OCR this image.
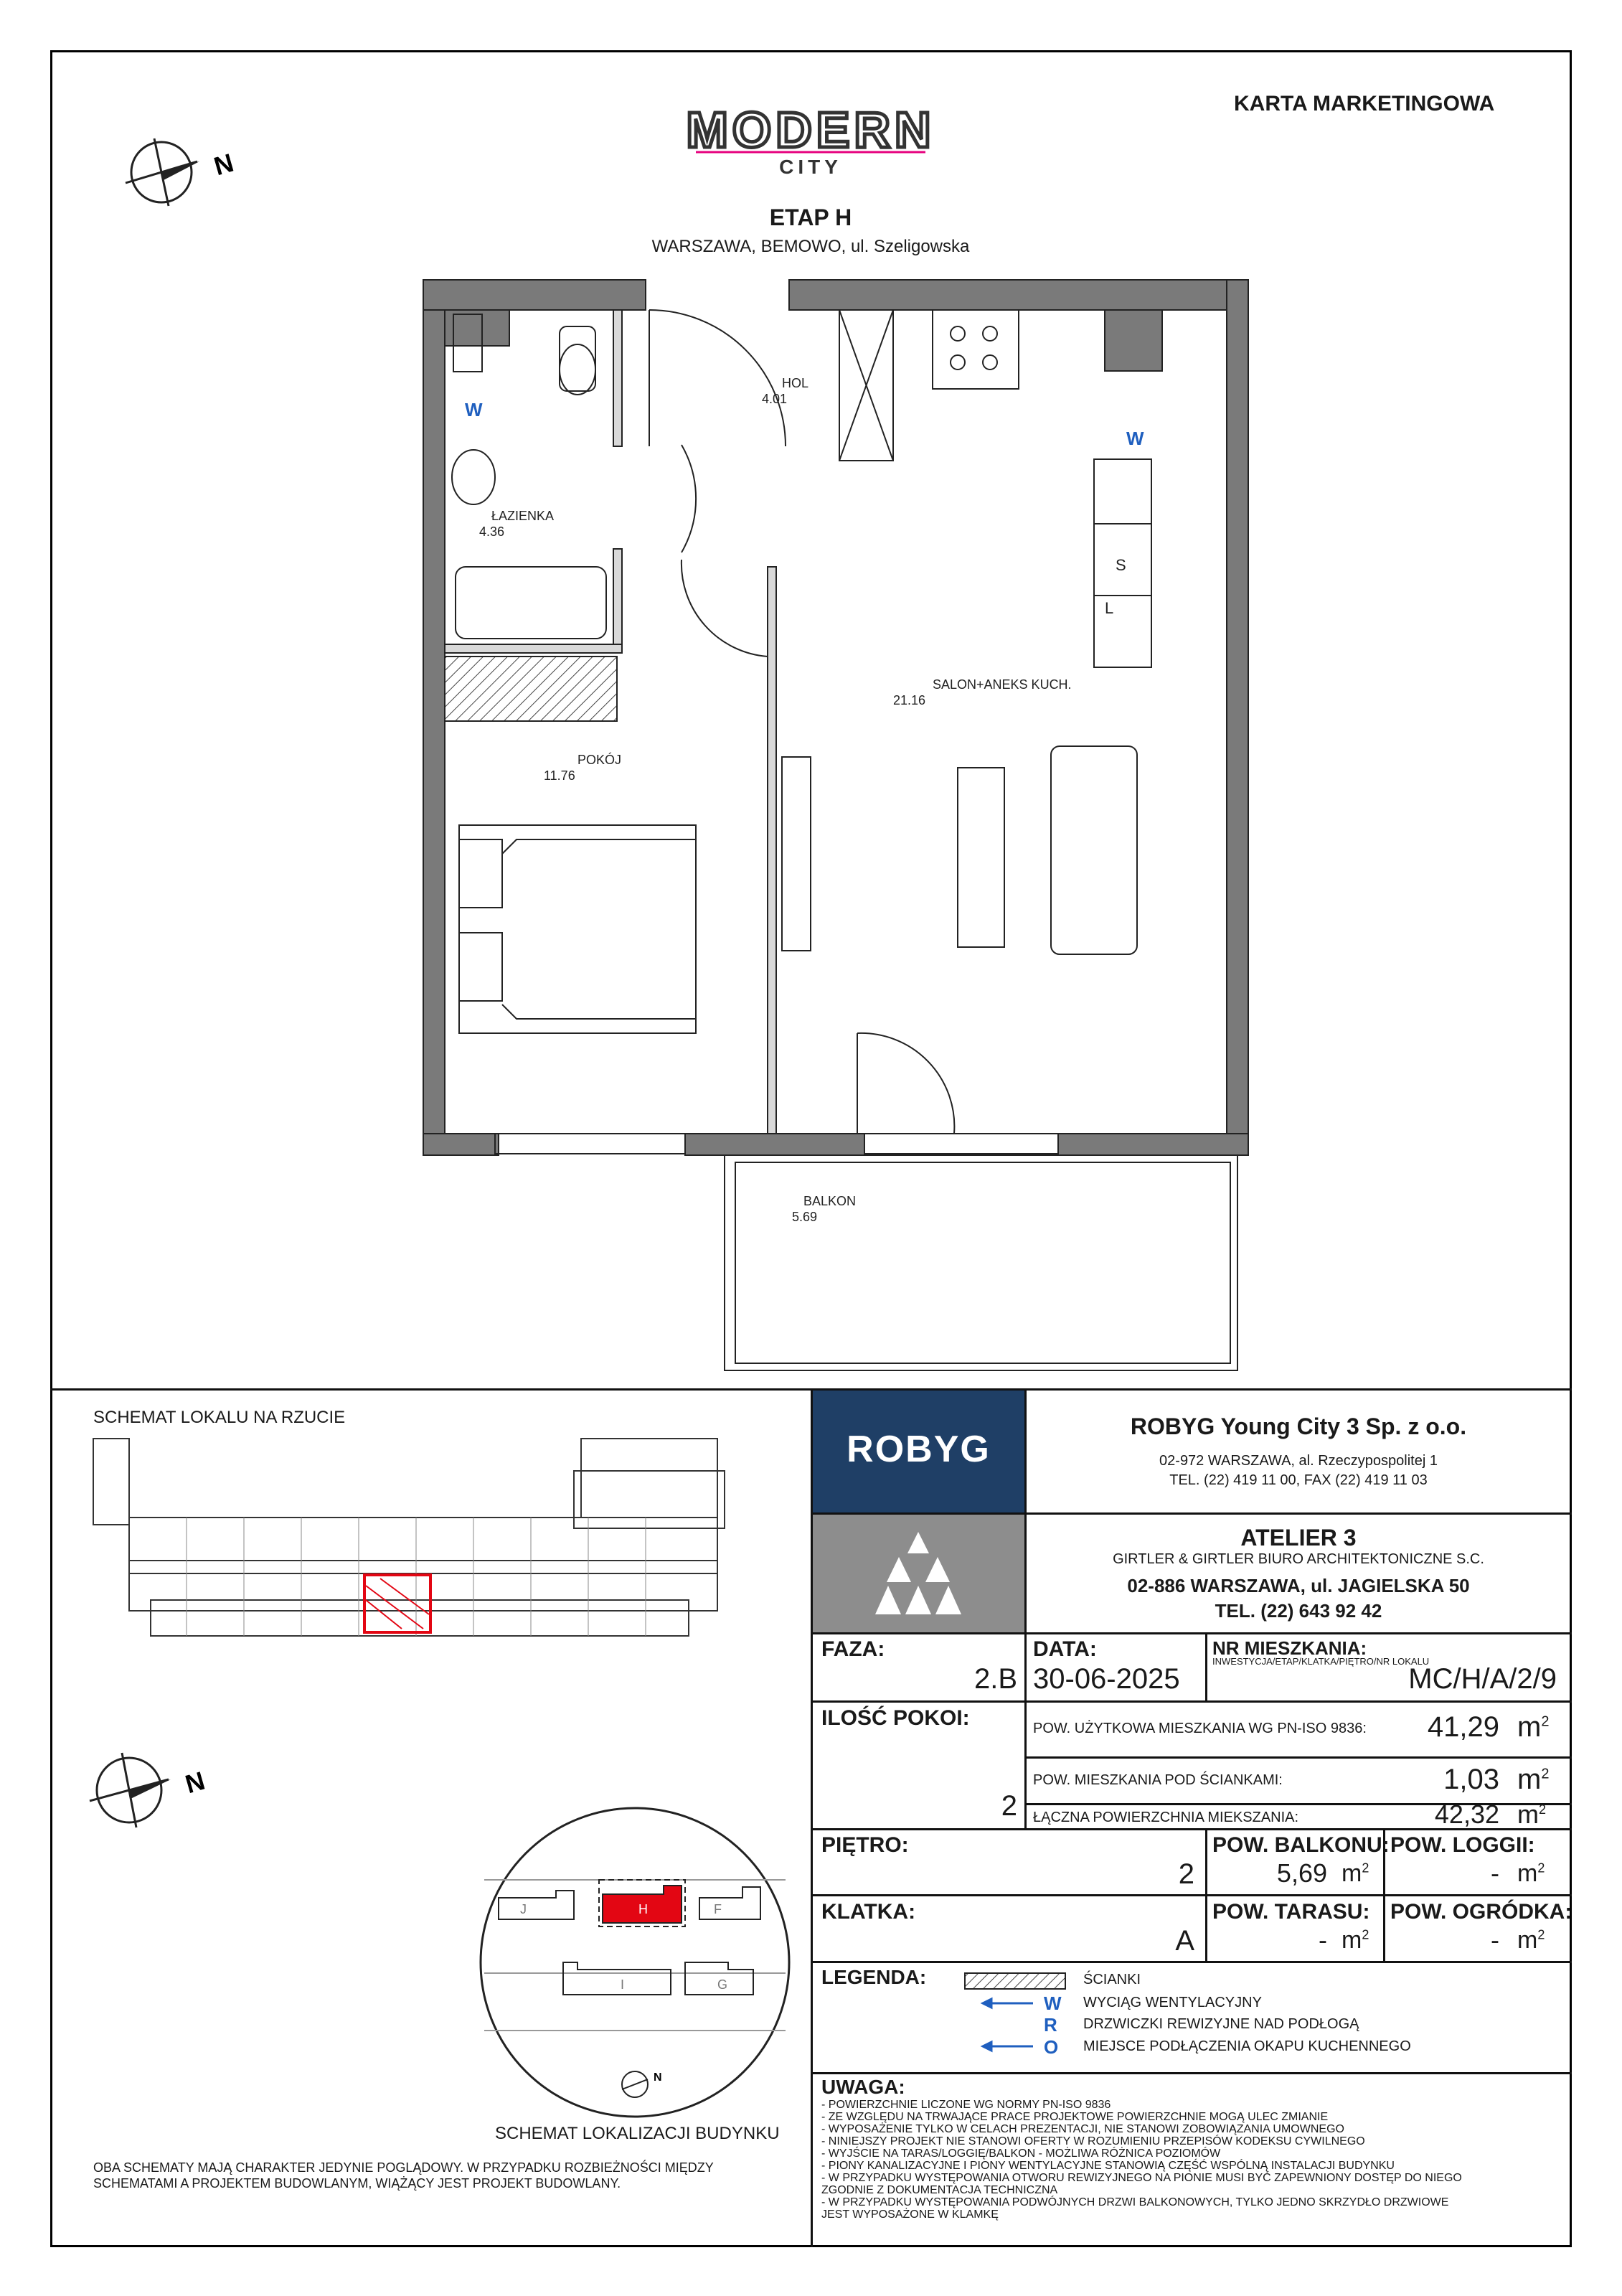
KARTA MARKETINGOWA
MODERN
CITY
ETAP H
WARSZAWA, BEMOWO, ul. Szeligowska
N
HOL
4.01
ŁAZIENKA
4.36
SALON+ANEKS KUCH.
21.16
POKÓJ
11.76
BALKON
5.69
W
W
S
L
SCHEMAT LOKALU NA RZUCIE
N
J	H	F
I	G
N
SCHEMAT LOKALIZACJI BUDYNKU
OBA SCHEMATY MAJĄ CHARAKTER JEDYNIE POGLĄDOWY. W PRZYPADKU ROZBIEŻNOŚCI MIĘDZY SCHEMATAMI A PROJEKTEM BUDOWLANYM, WIĄŻĄCY JEST PROJEKT BUDOWLANY.
ROBYG
ROBYG Young City 3 Sp. z o.o.
02-972 WARSZAWA, al. Rzeczypospolitej 1
TEL. (22) 419 11 00, FAX (22) 419 11 03
ATELIER 3
GIRTLER & GIRTLER BIURO ARCHITEKTONICZNE S.C.
02-886 WARSZAWA, ul. JAGIELSKA 50
TEL. (22) 643 92 42
FAZA:
2.B
DATA:
30-06-2025
NR MIESZKANIA:
INWESTYCJA/ETAP/KLATKA/PIĘTRO/NR LOKALU
MC/H/A/2/9
ILOŚĆ POKOI:
2
POW. UŻYTKOWA MIESZKANIA WG PN-ISO 9836:	41,29 $m^2$
POW. MIESZKANIA POD ŚCIANKAMI:	1,03 $m^2$
ŁĄCZNA POWIERZCHNIA MIEKSZANIA:	42,32 $m^2$
PIĘTRO:
2
POW. BALKONU:
5,69 $m^2$
POW. LOGGII:
- $m^2$
KLATKA:
A
POW. TARASU:
- $m^2$
POW. OGRÓDKA:
- $m^2$
LEGENDA:
W
R
O
ŚCIANKI
WYCIĄG WENTYLACYJNY
DRZWICZKI REWIZYJNE NAD PODŁOGĄ
MIEJSCE PODŁĄCZENIA OKAPU KUCHENNEGO
UWAGA:
- POWIERZCHNIE LICZONE WG NORMY PN-ISO 9836
- ZE WZGLĘDU NA TRWAJĄCE PRACE PROJEKTOWE POWIERZCHNIE MOGĄ ULEC ZMIANIE
- WYPOSAŻENIE TYLKO W CELACH PREZENTACJI, NIE STANOWI ZOBOWIĄZANIA UMOWNEGO
- NINIEJSZY PROJEKT NIE STANOWI OFERTY W ROZUMIENIU PRZEPISÓW KODEKSU CYWILNEGO
- WYJŚCIE NA TARAS/LOGGIĘ/BALKON - MOŻLIWA RÓŻNICA POZIOMÓW
- PIONY KANALIZACYJNE I PIONY WENTYLACYJNE STANOWIĄ CZĘŚĆ WSPÓLNĄ INSTALACJI BUDYNKU
- W PRZYPADKU WYSTĘPOWANIA OTWORU REWIZYJNEGO NA PIONIE MUSI BYĆ ZAPEWNIONY DOSTĘP DO NIEGO
ZGODNIE Z DOKUMENTACJA TECHNICZNA
- W PRZYPADKU WYSTĘPOWANIA PODWÓJNYCH DRZWI BALKONOWYCH, TYLKO JEDNO SKRZYDŁO DRZWIOWE
JEST WYPOSAŻONE W KLAMKĘ
